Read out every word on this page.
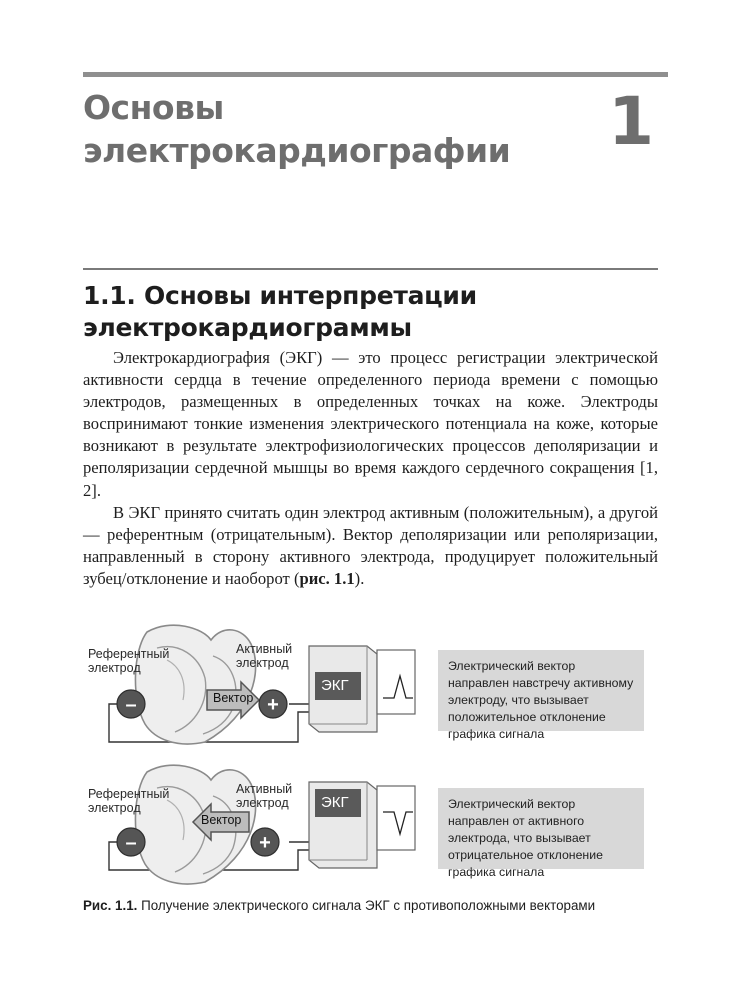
Основы
электрокардиографии	1
1.1. Основы интерпретации
электрокардиограммы

Электрокардиография (ЭКГ) — это процесс регистрации электрической активности сердца в течение определенного периода времени с помощью электродов, размещенных в определенных точках на коже. Электроды воспринимают тонкие изменения электрического потенциала на коже, которые возникают в результате электрофизиологических процессов деполяризации и реполяризации сердечной мышцы во время каждого сердечного сокращения [1, 2].

В ЭКГ принято считать один электрод активным (положительным), а другой — референтным (отрицательным). Вектор деполяризации или реполяризации, направленный в сторону активного электрода, продуцирует положительный зубец/отклонение и наоборот (рис. 1.1).

–	+
Референтный электрод
Активный электрод
Вектор
ЭКГ
Электрический вектор направлен навстречу активному электроду, что вызывает положительное отклонение графика сигнала
–	+
Референтный электрод
Активный электрод
Вектор
ЭКГ	Электрический вектор направлен от активного электрода, что вызывает отрицательное отклонение графика сигнала
Рис. 1.1. Получение электрического сигнала ЭКГ с противоположными векторами
